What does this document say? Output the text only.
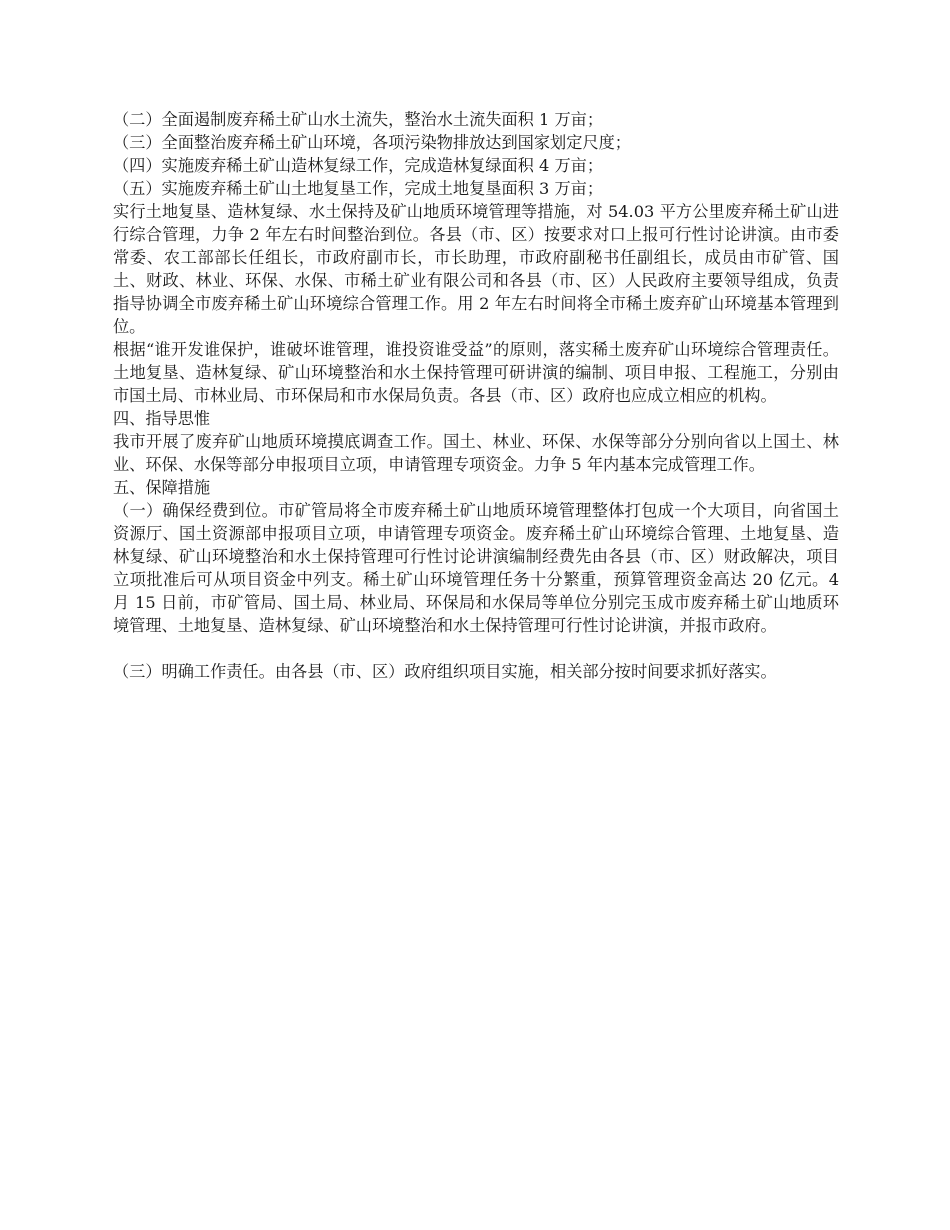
（二）全面遏制废弃稀土矿山水土流失，整治水土流失面积 1 万亩；

（三）全面整治废弃稀土矿山环境，各项污染物排放达到国家划定尺度；

（四）实施废弃稀土矿山造林复绿工作，完成造林复绿面积 4 万亩；

（五）实施废弃稀土矿山土地复垦工作，完成土地复垦面积 3 万亩；

实行土地复垦、造林复绿、水土保持及矿山地质环境管理等措施，对 54.03 平方公里废弃稀土矿山进行综合管理，力争 2 年左右时间整治到位。各县（市、区）按要求对口上报可行性讨论讲演。由市委常委、农工部部长任组长，市政府副市长，市长助理，市政府副秘书任副组长，成员由市矿管、国土、财政、林业、环保、水保、市稀土矿业有限公司和各县（市、区）人民政府主要领导组成，负责指导协调全市废弃稀土矿山环境综合管理工作。用 2 年左右时间将全市稀土废弃矿山环境基本管理到位。

根据“谁开发谁保护，谁破坏谁管理，谁投资谁受益”的原则，落实稀土废弃矿山环境综合管理责任。土地复垦、造林复绿、矿山环境整治和水土保持管理可研讲演的编制、项目申报、工程施工，分别由市国土局、市林业局、市环保局和市水保局负责。各县（市、区）政府也应成立相应的机构。

四、指导思惟

我市开展了废弃矿山地质环境摸底调查工作。国土、林业、环保、水保等部分分别向省以上国土、林业、环保、水保等部分申报项目立项，申请管理专项资金。力争 5 年内基本完成管理工作。

五、保障措施

（一）确保经费到位。市矿管局将全市废弃稀土矿山地质环境管理整体打包成一个大项目，向省国土资源厅、国土资源部申报项目立项，申请管理专项资金。废弃稀土矿山环境综合管理、土地复垦、造林复绿、矿山环境整治和水土保持管理可行性讨论讲演编制经费先由各县（市、区）财政解决，项目立项批准后可从项目资金中列支。稀土矿山环境管理任务十分繁重，预算管理资金高达 20 亿元。4 月 15 日前，市矿管局、国土局、林业局、环保局和水保局等单位分别完玉成市废弃稀土矿山地质环境管理、土地复垦、造林复绿、矿山环境整治和水土保持管理可行性讨论讲演，并报市政府。

（三）明确工作责任。由各县（市、区）政府组织项目实施，相关部分按时间要求抓好落实。
